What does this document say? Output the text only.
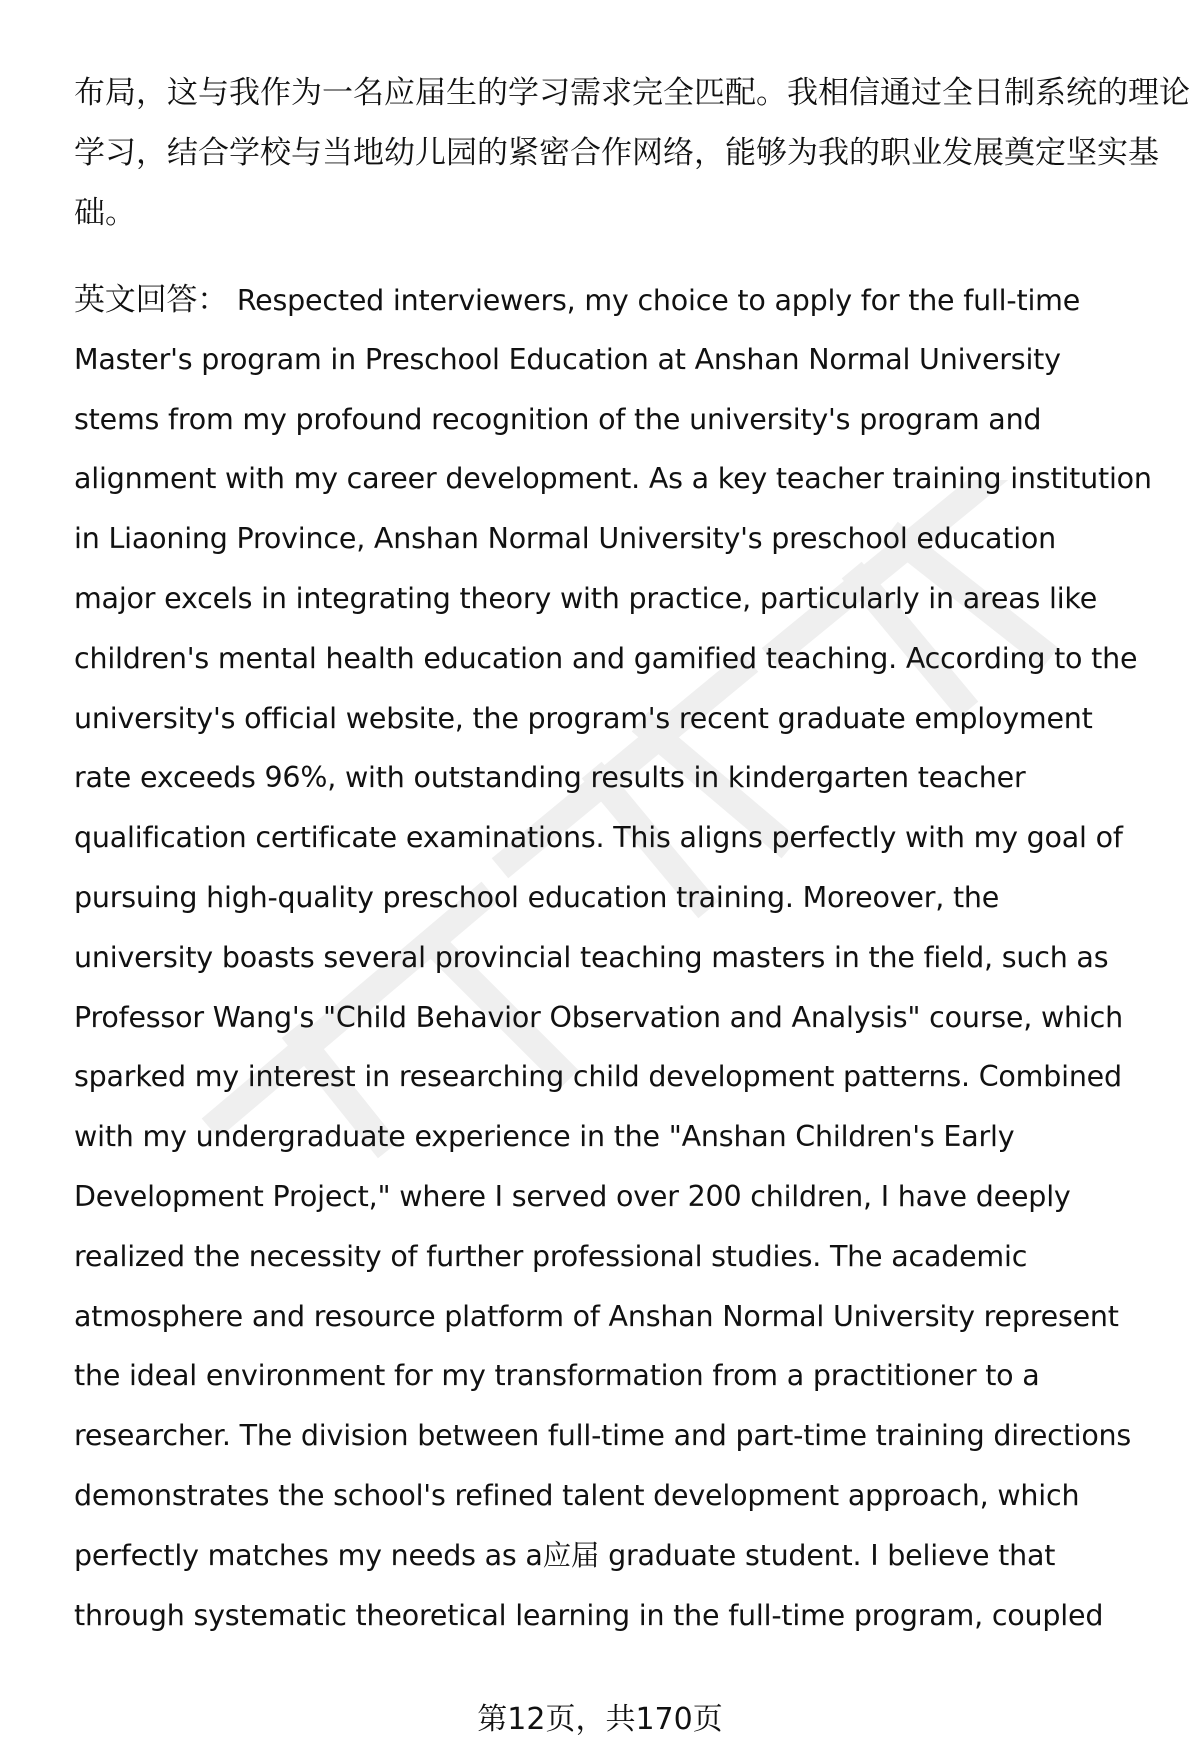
布局，这与我作为一名应届生的学习需求完全匹配。我相信通过全日制系统的理论
学习，结合学校与当地幼儿园的紧密合作网络，能够为我的职业发展奠定坚实基
础。
英文回答： Respected interviewers, my choice to apply for the full-time
Master's program in Preschool Education at Anshan Normal University
stems from my profound recognition of the university's program and
alignment with my career development. As a key teacher training institution
in Liaoning Province, Anshan Normal University's preschool education
major excels in integrating theory with practice, particularly in areas like
children's mental health education and gamified teaching. According to the
university's official website, the program's recent graduate employment
rate exceeds 96%, with outstanding results in kindergarten teacher
qualification certificate examinations. This aligns perfectly with my goal of
pursuing high-quality preschool education training. Moreover, the
university boasts several provincial teaching masters in the field, such as
Professor Wang's "Child Behavior Observation and Analysis" course, which
sparked my interest in researching child development patterns. Combined
with my undergraduate experience in the "Anshan Children's Early
Development Project," where I served over 200 children, I have deeply
realized the necessity of further professional studies. The academic
atmosphere and resource platform of Anshan Normal University represent
the ideal environment for my transformation from a practitioner to a
researcher. The division between full-time and part-time training directions
demonstrates the school's refined talent development approach, which
perfectly matches my needs as a应届 graduate student. I believe that
through systematic theoretical learning in the full-time program, coupled
第12页，共170页
